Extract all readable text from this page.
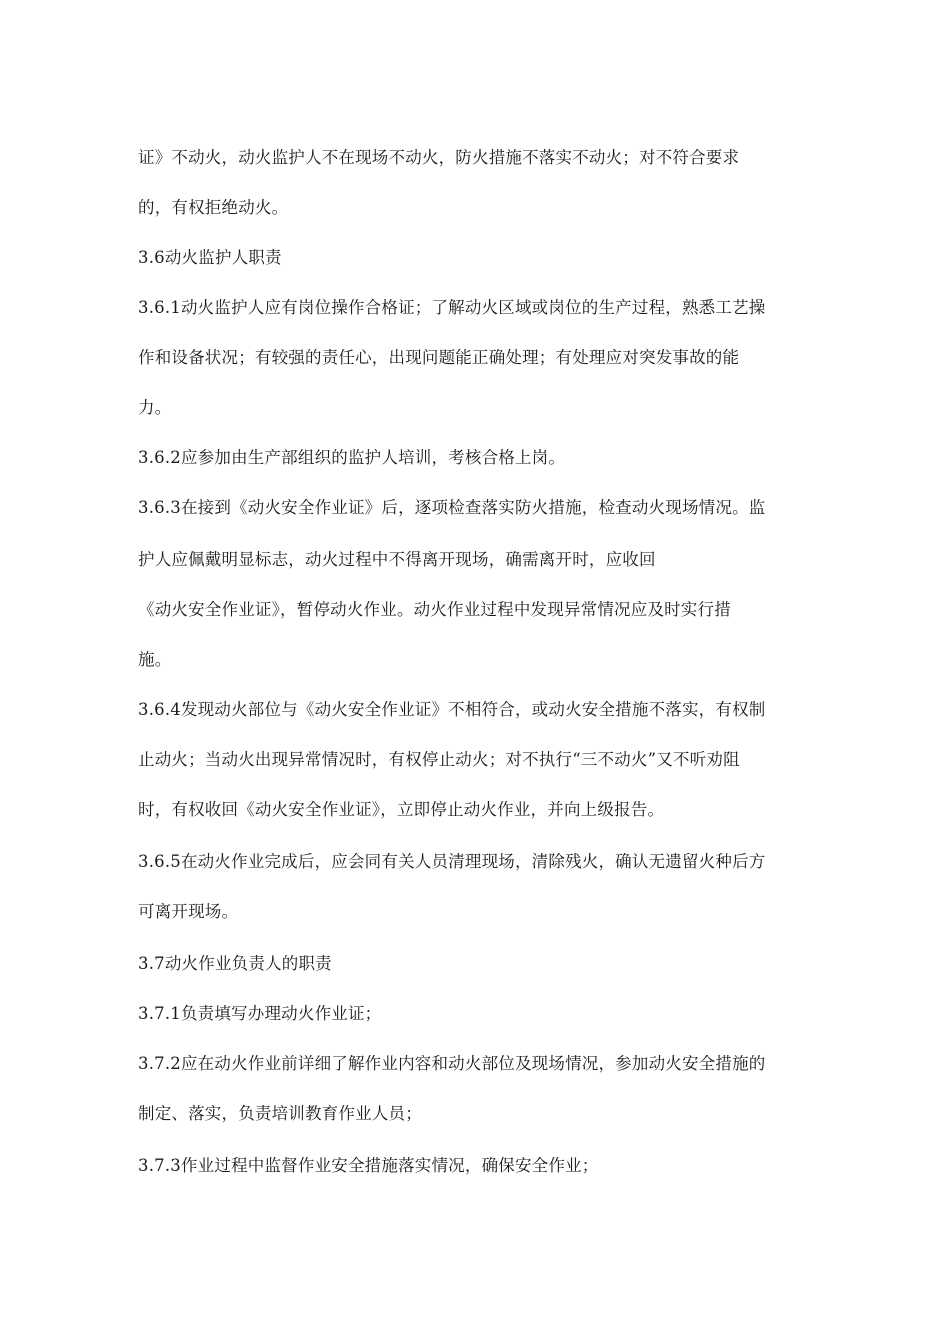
证》不动火，动火监护人不在现场不动火，防火措施不落实不动火；对不符合要求

的，有权拒绝动火。

3.6动火监护人职责

3.6.1动火监护人应有岗位操作合格证；了解动火区域或岗位的生产过程，熟悉工艺操

作和设备状况；有较强的责任心，出现问题能正确处理；有处理应对突发事故的能

力。

3.6.2应参加由生产部组织的监护人培训，考核合格上岗。

3.6.3在接到《动火安全作业证》后，逐项检查落实防火措施，检查动火现场情况。监

护人应佩戴明显标志，动火过程中不得离开现场，确需离开时，应收回

《动火安全作业证》，暂停动火作业。动火作业过程中发现异常情况应及时实行措

施。

3.6.4发现动火部位与《动火安全作业证》不相符合，或动火安全措施不落实，有权制

止动火；当动火出现异常情况时，有权停止动火；对不执行“三不动火”又不听劝阻

时，有权收回《动火安全作业证》，立即停止动火作业，并向上级报告。

3.6.5在动火作业完成后，应会同有关人员清理现场，清除残火，确认无遗留火种后方

可离开现场。

3.7动火作业负责人的职责

3.7.1负责填写办理动火作业证；

3.7.2应在动火作业前详细了解作业内容和动火部位及现场情况，参加动火安全措施的

制定、落实，负责培训教育作业人员；

3.7.3作业过程中监督作业安全措施落实情况，确保安全作业；
